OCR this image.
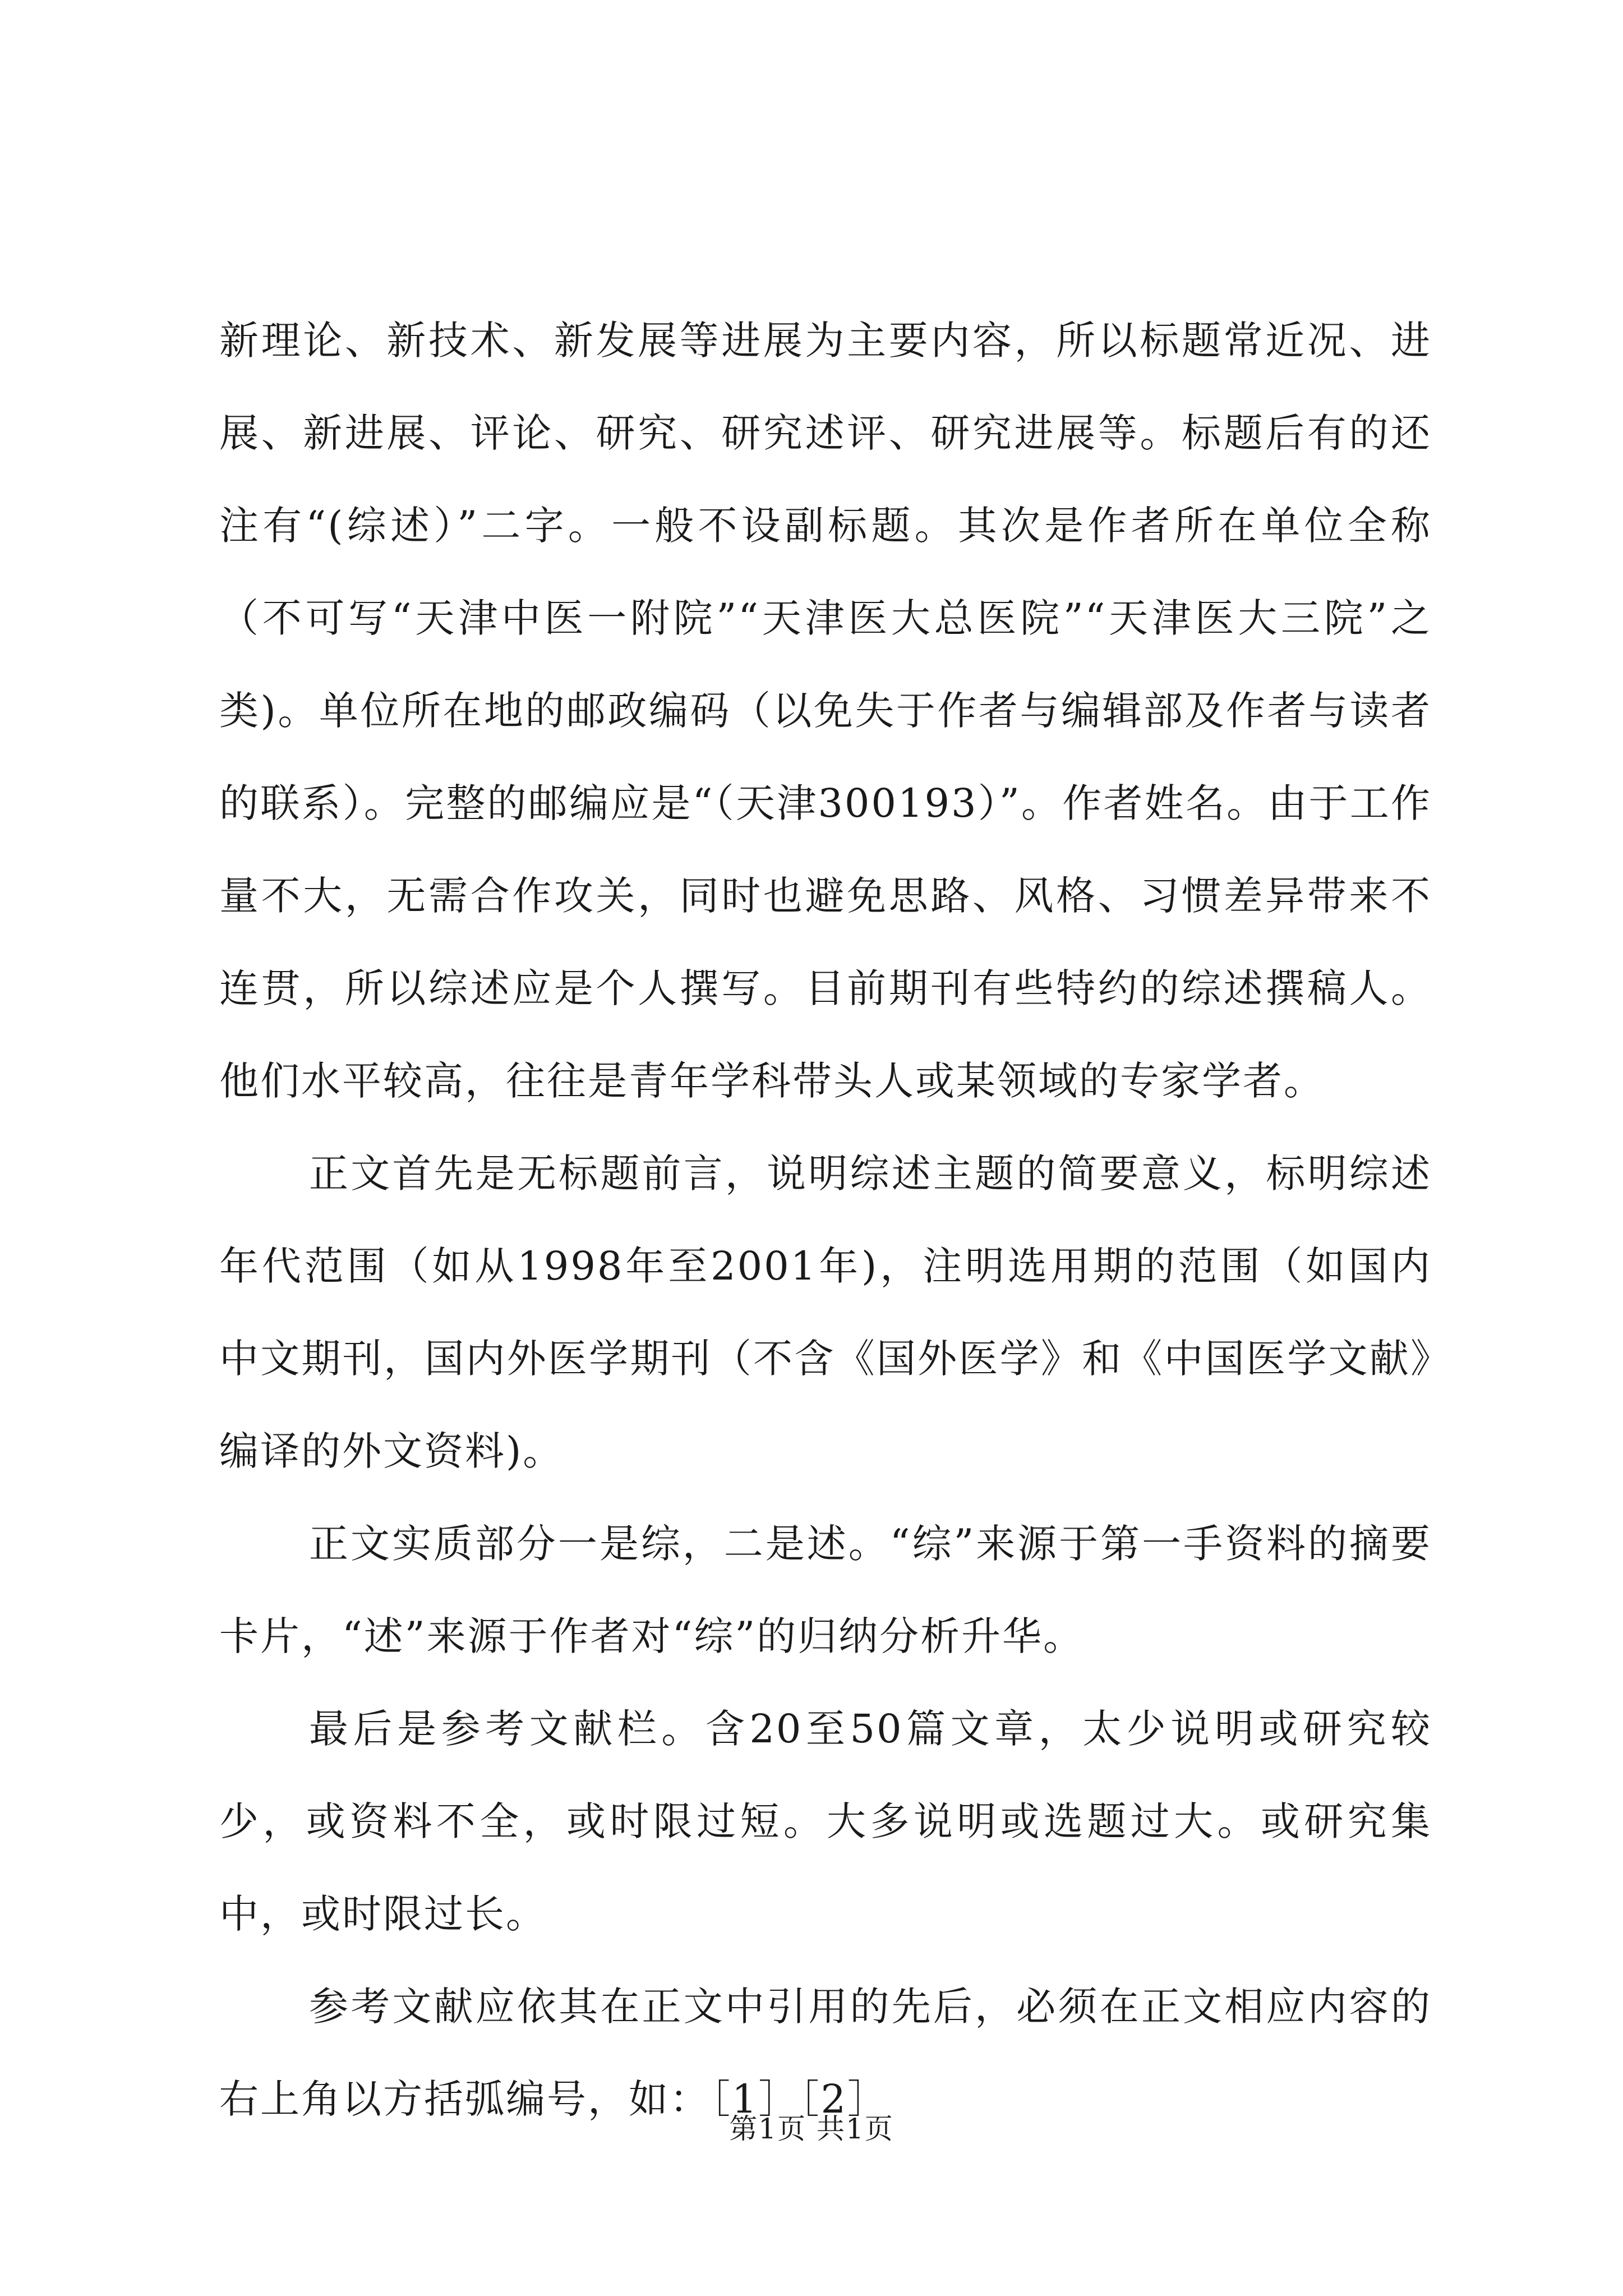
新理论、新技术、新发展等进展为主要内容，所以标题常近况、进展、新进展、评论、研究、研究述评、研究进展等。标题后有的还注有“(综述）”二字。一般不设副标题。其次是作者所在单位全称（不可写“天津中医一附院”“天津医大总医院”“天津医大三院”之类)。单位所在地的邮政编码（以免失于作者与编辑部及作者与读者的联系）。完整的邮编应是“（天津300193）”。作者姓名。由于工作量不大，无需合作攻关，同时也避免思路、风格、习惯差异带来不连贯，所以综述应是个人撰写。目前期刊有些特约的综述撰稿人。他们水平较高，往往是青年学科带头人或某领域的专家学者。

正文首先是无标题前言，说明综述主题的简要意义，标明综述年代范围（如从1998年至2001年)，注明选用期的范围（如国内中文期刊，国内外医学期刊（不含《国外医学》和《中国医学文献》编译的外文资料)。

正文实质部分一是综，二是述。“综”来源于第一手资料的摘要卡片，“述”来源于作者对“综”的归纳分析升华。

最后是参考文献栏。含20至50篇文章，太少说明或研究较少，或资料不全，或时限过短。大多说明或选题过大。或研究集中，或时限过长。

参考文献应依其在正文中引用的先后，必须在正文相应内容的右上角以方括弧编号，如：［1］［2］

第1页 共1页
